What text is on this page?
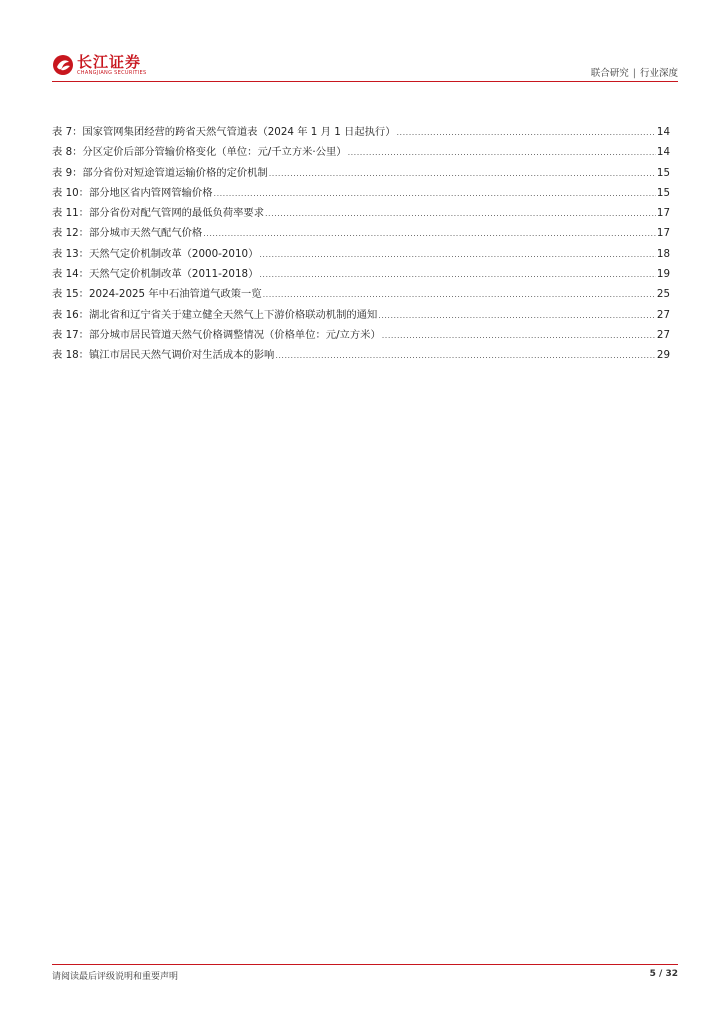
长江证券
CHANGJIANG SECURITIES	联合研究 | 行业深度
表 7：国家管网集团经营的跨省天然气管道表（2024 年 1 月 1 日起执行） .....	14
表 8：分区定价后部分管输价格变化（单位：元/千立方米·公里） .....	14
表 9：部分省份对短途管道运输价格的定价机制 .....	15
表 10：部分地区省内管网管输价格 .....	15
表 11：部分省份对配气管网的最低负荷率要求 .....	17
表 12：部分城市天然气配气价格 .....	17
表 13：天然气定价机制改革（2000-2010） .....	18
表 14：天然气定价机制改革（2011-2018） .....	19
表 15：2024-2025 年中石油管道气政策一览 .....	25
表 16：湖北省和辽宁省关于建立健全天然气上下游价格联动机制的通知 .....	27
表 17：部分城市居民管道天然气价格调整情况（价格单位：元/立方米） .....	27
表 18：镇江市居民天然气调价对生活成本的影响 .....	29
请阅读最后评级说明和重要声明	5 / 32
